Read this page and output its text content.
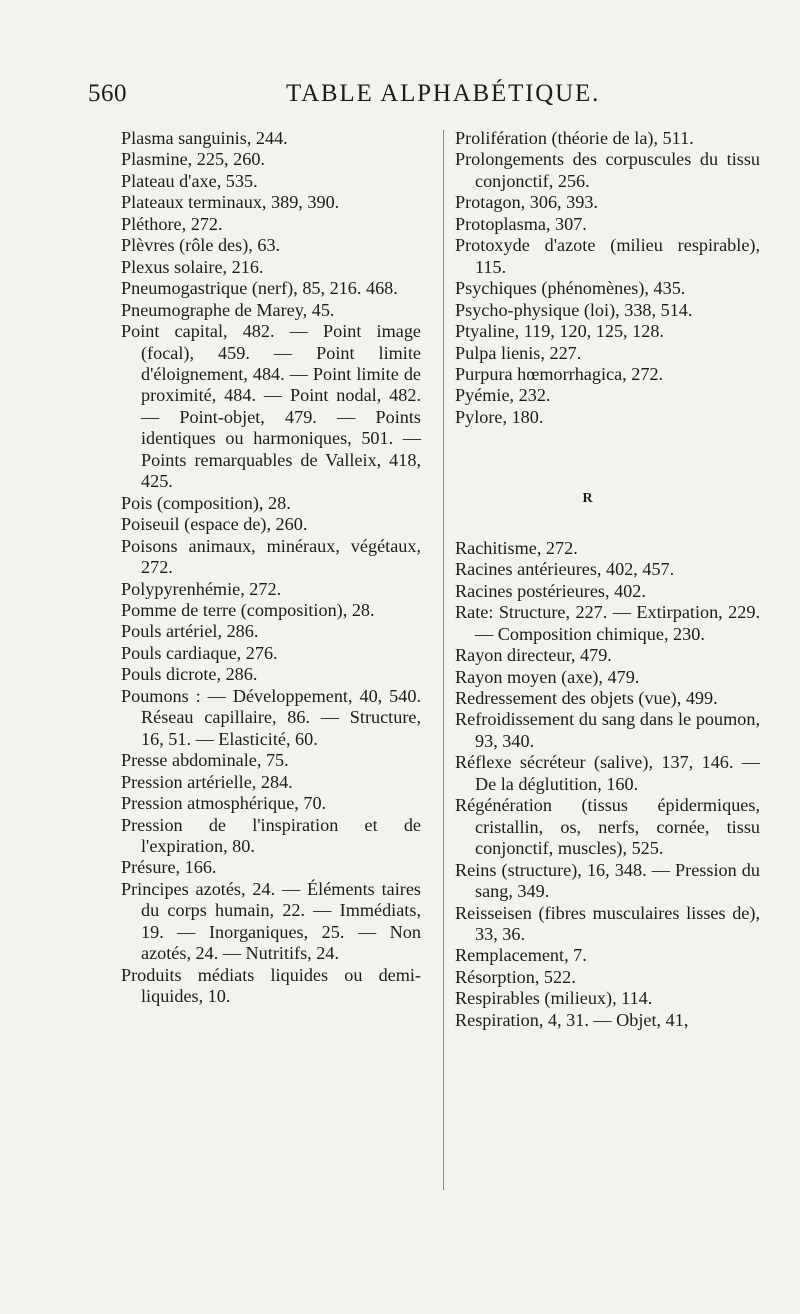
560	TABLE ALPHABÉTIQUE.

Plasma sanguinis, 244.

Plasmine, 225, 260.

Plateau d'axe, 535.

Plateaux terminaux, 389, 390.

Pléthore, 272.

Plèvres (rôle des), 63.

Plexus solaire, 216.

Pneumogastrique (nerf), 85, 216. 468.

Pneumographe de Marey, 45.

Point capital, 482. — Point image (focal), 459. — Point limite d'éloignement, 484. — Point limite de proximité, 484. — Point nodal, 482. — Point-objet, 479. — Points identiques ou harmoniques, 501. — Points remarquables de Valleix, 418, 425.

Pois (composition), 28.

Poiseuil (espace de), 260.

Poisons animaux, minéraux, végétaux, 272.

Polypyrenhémie, 272.

Pomme de terre (composition), 28.

Pouls artériel, 286.

Pouls cardiaque, 276.

Pouls dicrote, 286.

Poumons : — Développement, 40, 540. Réseau capillaire, 86. — Structure, 16, 51. — Elasticité, 60.

Presse abdominale, 75.

Pression artérielle, 284.

Pression atmosphérique, 70.

Pression de l'inspiration et de l'expiration, 80.

Présure, 166.

Principes azotés, 24. — Éléments taires du corps humain, 22. — Immédiats, 19. — Inorganiques, 25. — Non azotés, 24. — Nutritifs, 24.

Produits médiats liquides ou demi-liquides, 10.

Prolifération (théorie de la), 511.

Prolongements des corpuscules du tissu conjonctif, 256.

Protagon, 306, 393.

Protoplasma, 307.

Protoxyde d'azote (milieu respirable), 115.

Psychiques (phénomènes), 435.

Psycho-physique (loi), 338, 514.

Ptyaline, 119, 120, 125, 128.

Pulpa lienis, 227.

Purpura hœmorrhagica, 272.

Pyémie, 232.

Pylore, 180.

R

Rachitisme, 272.

Racines antérieures, 402, 457.

Racines postérieures, 402.

Rate: Structure, 227. — Extirpation, 229. — Composition chimique, 230.

Rayon directeur, 479.

Rayon moyen (axe), 479.

Redressement des objets (vue), 499.

Refroidissement du sang dans le poumon, 93, 340.

Réflexe sécréteur (salive), 137, 146. — De la déglutition, 160.

Régénération (tissus épidermiques, cristallin, os, nerfs, cornée, tissu conjonctif, muscles), 525.

Reins (structure), 16, 348. — Pression du sang, 349.

Reisseisen (fibres musculaires lisses de), 33, 36.

Remplacement, 7.

Résorption, 522.

Respirables (milieux), 114.

Respiration, 4, 31. — Objet, 41,
